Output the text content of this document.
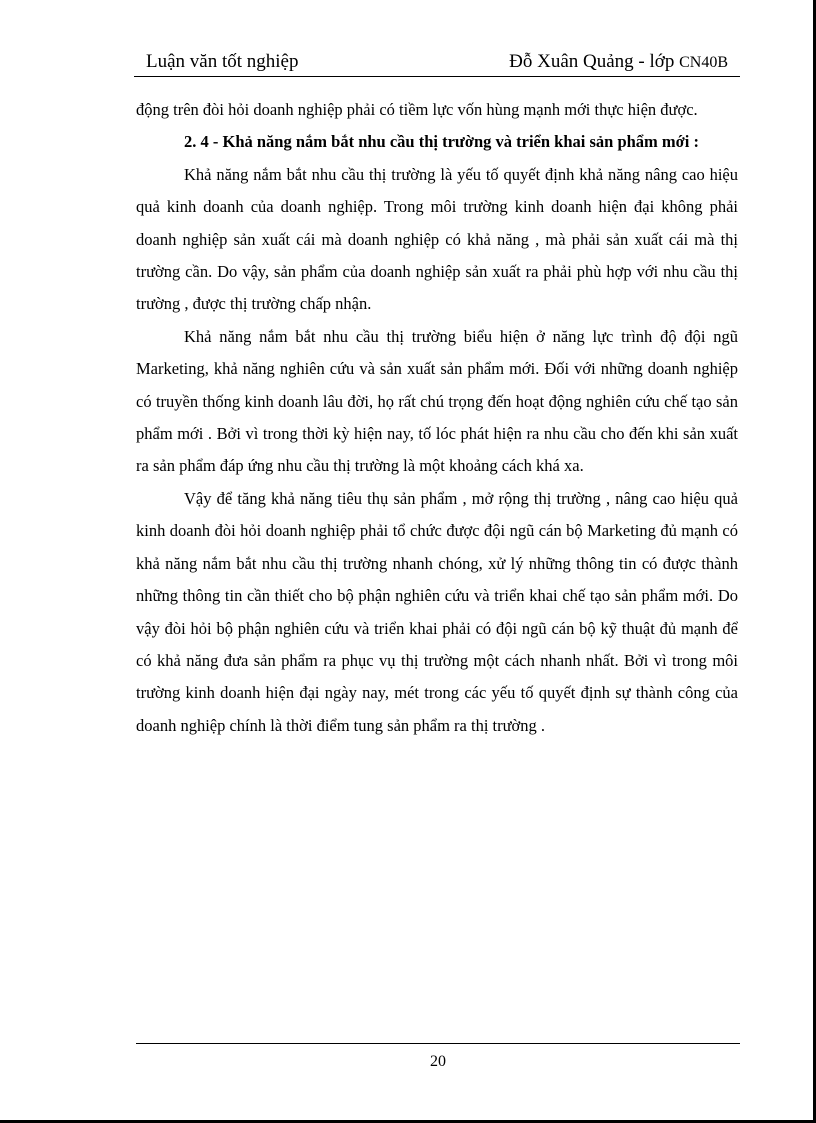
Luận văn tốt nghiệp	Đỗ Xuân Quảng - lớp CN40B

động trên đòi hỏi doanh nghiệp phải có tiềm lực vốn hùng mạnh mới thực hiện được.

2. 4 - Khả năng nắm bắt nhu cầu thị trường và triển khai sản phẩm mới :

Khả năng nắm bắt nhu cầu thị trường là yếu tố quyết định khả năng nâng cao hiệu quả kinh doanh của doanh nghiệp. Trong môi trường kinh doanh hiện đại không phải doanh nghiệp sản xuất cái mà doanh nghiệp có khả năng , mà phải sản xuất cái mà thị trường cần. Do vậy, sản phẩm của doanh nghiệp sản xuất ra phải phù hợp với nhu cầu thị trường , được thị trường chấp nhận.

Khả năng nắm bắt nhu cầu thị trường biểu hiện ở năng lực trình độ đội ngũ Marketing, khả năng nghiên cứu và sản xuất sản phẩm mới. Đối với những doanh nghiệp có truyền thống kinh doanh lâu đời, họ rất chú trọng đến hoạt động nghiên cứu chế tạo sản phẩm mới . Bởi vì trong thời kỳ hiện nay, tố lóc phát hiện ra nhu cầu cho đến khi sản xuất ra sản phẩm đáp ứng nhu cầu thị trường là một khoảng cách khá xa.

Vậy để tăng khả năng tiêu thụ sản phẩm , mở rộng thị trường , nâng cao hiệu quả kinh doanh đòi hỏi doanh nghiệp phải tổ chức được đội ngũ cán bộ Marketing đủ mạnh có khả năng nắm bắt nhu cầu thị trường nhanh chóng, xử lý những thông tin có được thành những thông tin cần thiết cho bộ phận nghiên cứu và triển khai chế tạo sản phẩm mới. Do vậy đòi hỏi bộ phận nghiên cứu và triển khai phải có đội ngũ cán bộ kỹ thuật đủ mạnh để có khả năng đưa sản phẩm ra phục vụ thị trường một cách nhanh nhất. Bởi vì trong môi trường kinh doanh hiện đại ngày nay, mét trong các yếu tố quyết định sự thành công của doanh nghiệp chính là thời điểm tung sản phẩm ra thị trường .

20
